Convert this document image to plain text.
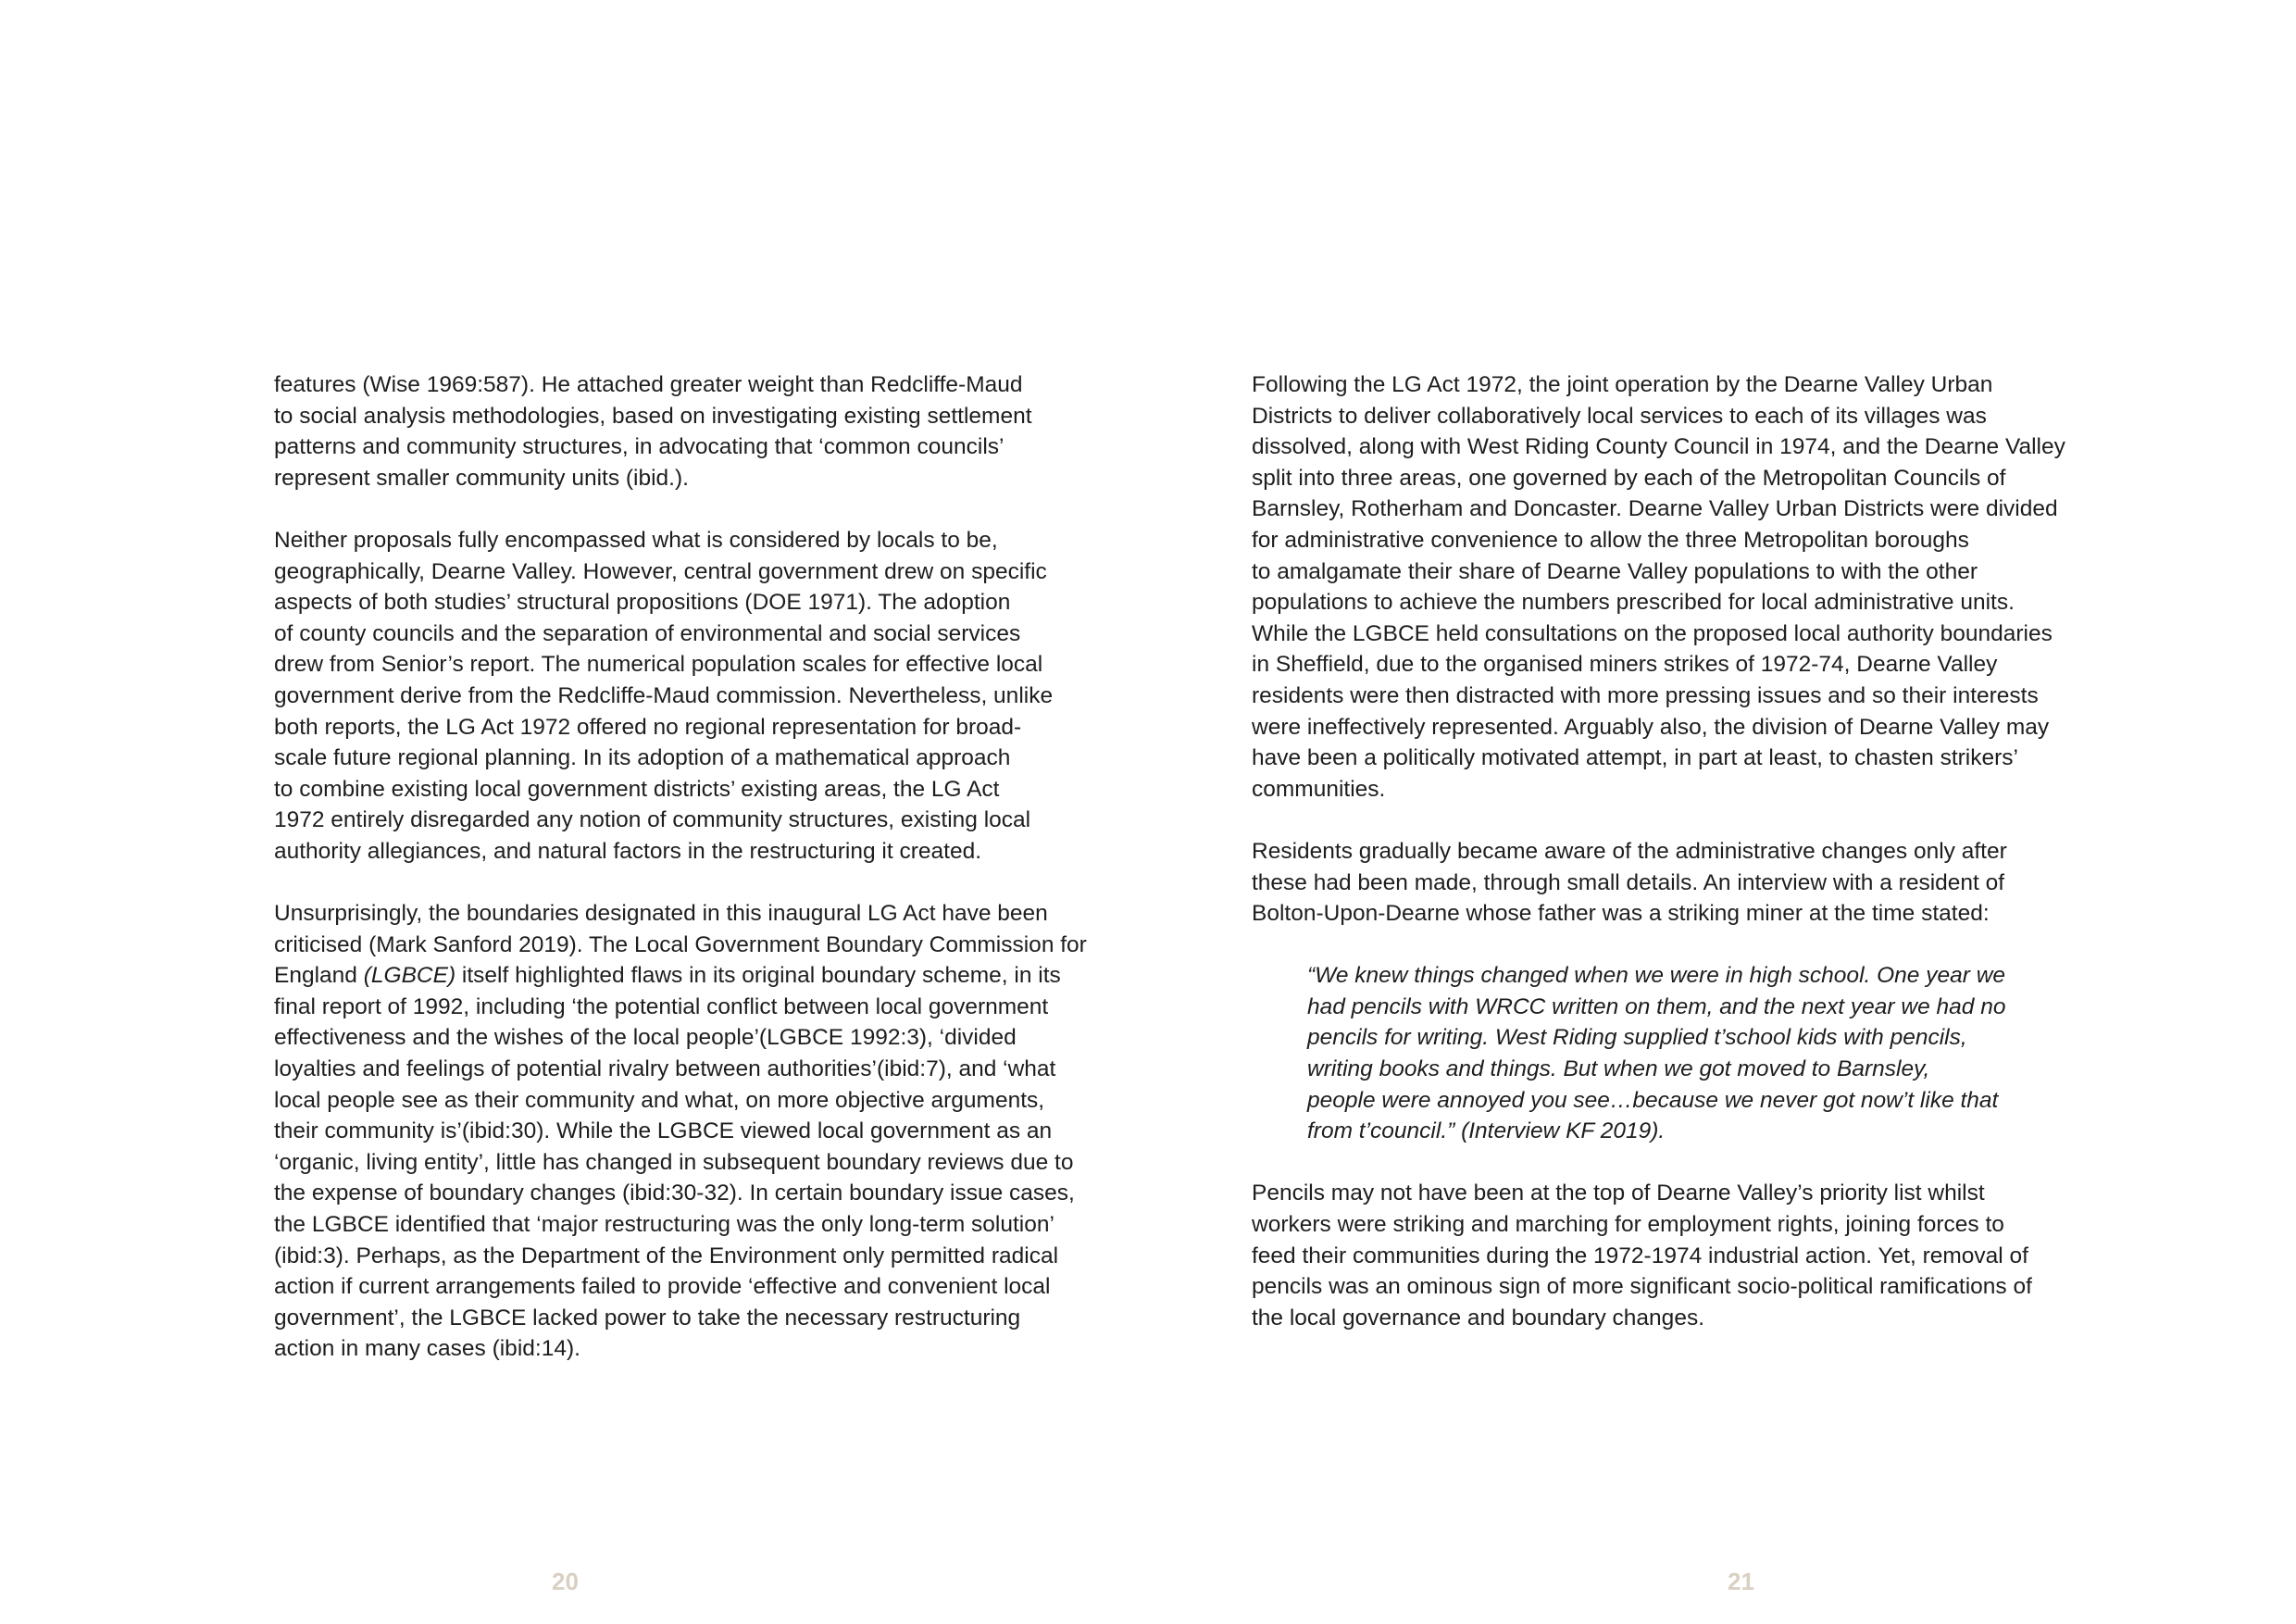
features (Wise 1969:587). He attached greater weight than Redcliffe-Maud
to social analysis methodologies, based on investigating existing settlement
patterns and community structures, in advocating that ‘common councils’
represent smaller community units (ibid.).

Neither proposals fully encompassed what is considered by locals to be,
geographically, Dearne Valley. However, central government drew on specific
aspects of both studies’ structural propositions (DOE 1971). The adoption
of county councils and the separation of environmental and social services
drew from Senior’s report. The numerical population scales for effective local
government derive from the Redcliffe-Maud commission. Nevertheless, unlike
both reports, the LG Act 1972 offered no regional representation for broad-
scale future regional planning. In its adoption of a mathematical approach
to combine existing local government districts’ existing areas, the LG Act
1972 entirely disregarded any notion of community structures, existing local
authority allegiances, and natural factors in the restructuring it created.

Unsurprisingly, the boundaries designated in this inaugural LG Act have been
criticised (Mark Sanford 2019). The Local Government Boundary Commission for
England (LGBCE) itself highlighted flaws in its original boundary scheme, in its
final report of 1992, including ‘the potential conflict between local government
effectiveness and the wishes of the local people’(LGBCE 1992:3), ‘divided
loyalties and feelings of potential rivalry between authorities’(ibid:7), and ‘what
local people see as their community and what, on more objective arguments,
their community is’(ibid:30). While the LGBCE viewed local government as an
‘organic, living entity’, little has changed in subsequent boundary reviews due to
the expense of boundary changes (ibid:30-32). In certain boundary issue cases,
the LGBCE identified that ‘major restructuring was the only long-term solution’
(ibid:3). Perhaps, as the Department of the Environment only permitted radical
action if current arrangements failed to provide ‘effective and convenient local
government’, the LGBCE lacked power to take the necessary restructuring
action in many cases (ibid:14).

Following the LG Act 1972, the joint operation by the Dearne Valley Urban
Districts to deliver collaboratively local services to each of its villages was
dissolved, along with West Riding County Council in 1974, and the Dearne Valley
split into three areas, one governed by each of the Metropolitan Councils of
Barnsley, Rotherham and Doncaster. Dearne Valley Urban Districts were divided
for administrative convenience to allow the three Metropolitan boroughs
to amalgamate their share of Dearne Valley populations to with the other
populations to achieve the numbers prescribed for local administrative units.
While the LGBCE held consultations on the proposed local authority boundaries
in Sheffield, due to the organised miners strikes of 1972-74, Dearne Valley
residents were then distracted with more pressing issues and so their interests
were ineffectively represented. Arguably also, the division of Dearne Valley may
have been a politically motivated attempt, in part at least, to chasten strikers’
communities.

Residents gradually became aware of the administrative changes only after
these had been made, through small details. An interview with a resident of
Bolton-Upon-Dearne whose father was a striking miner at the time stated:

“We knew things changed when we were in high school. One year we
had pencils with WRCC written on them, and the next year we had no
pencils for writing. West Riding supplied t’school kids with pencils,
writing books and things. But when we got moved to Barnsley,
people were annoyed you see…because we never got now’t like that
from t’council.” (Interview KF 2019).

Pencils may not have been at the top of Dearne Valley’s priority list whilst
workers were striking and marching for employment rights, joining forces to
feed their communities during the 1972-1974 industrial action. Yet, removal of
pencils was an ominous sign of more significant socio-political ramifications of
the local governance and boundary changes.

20	21
